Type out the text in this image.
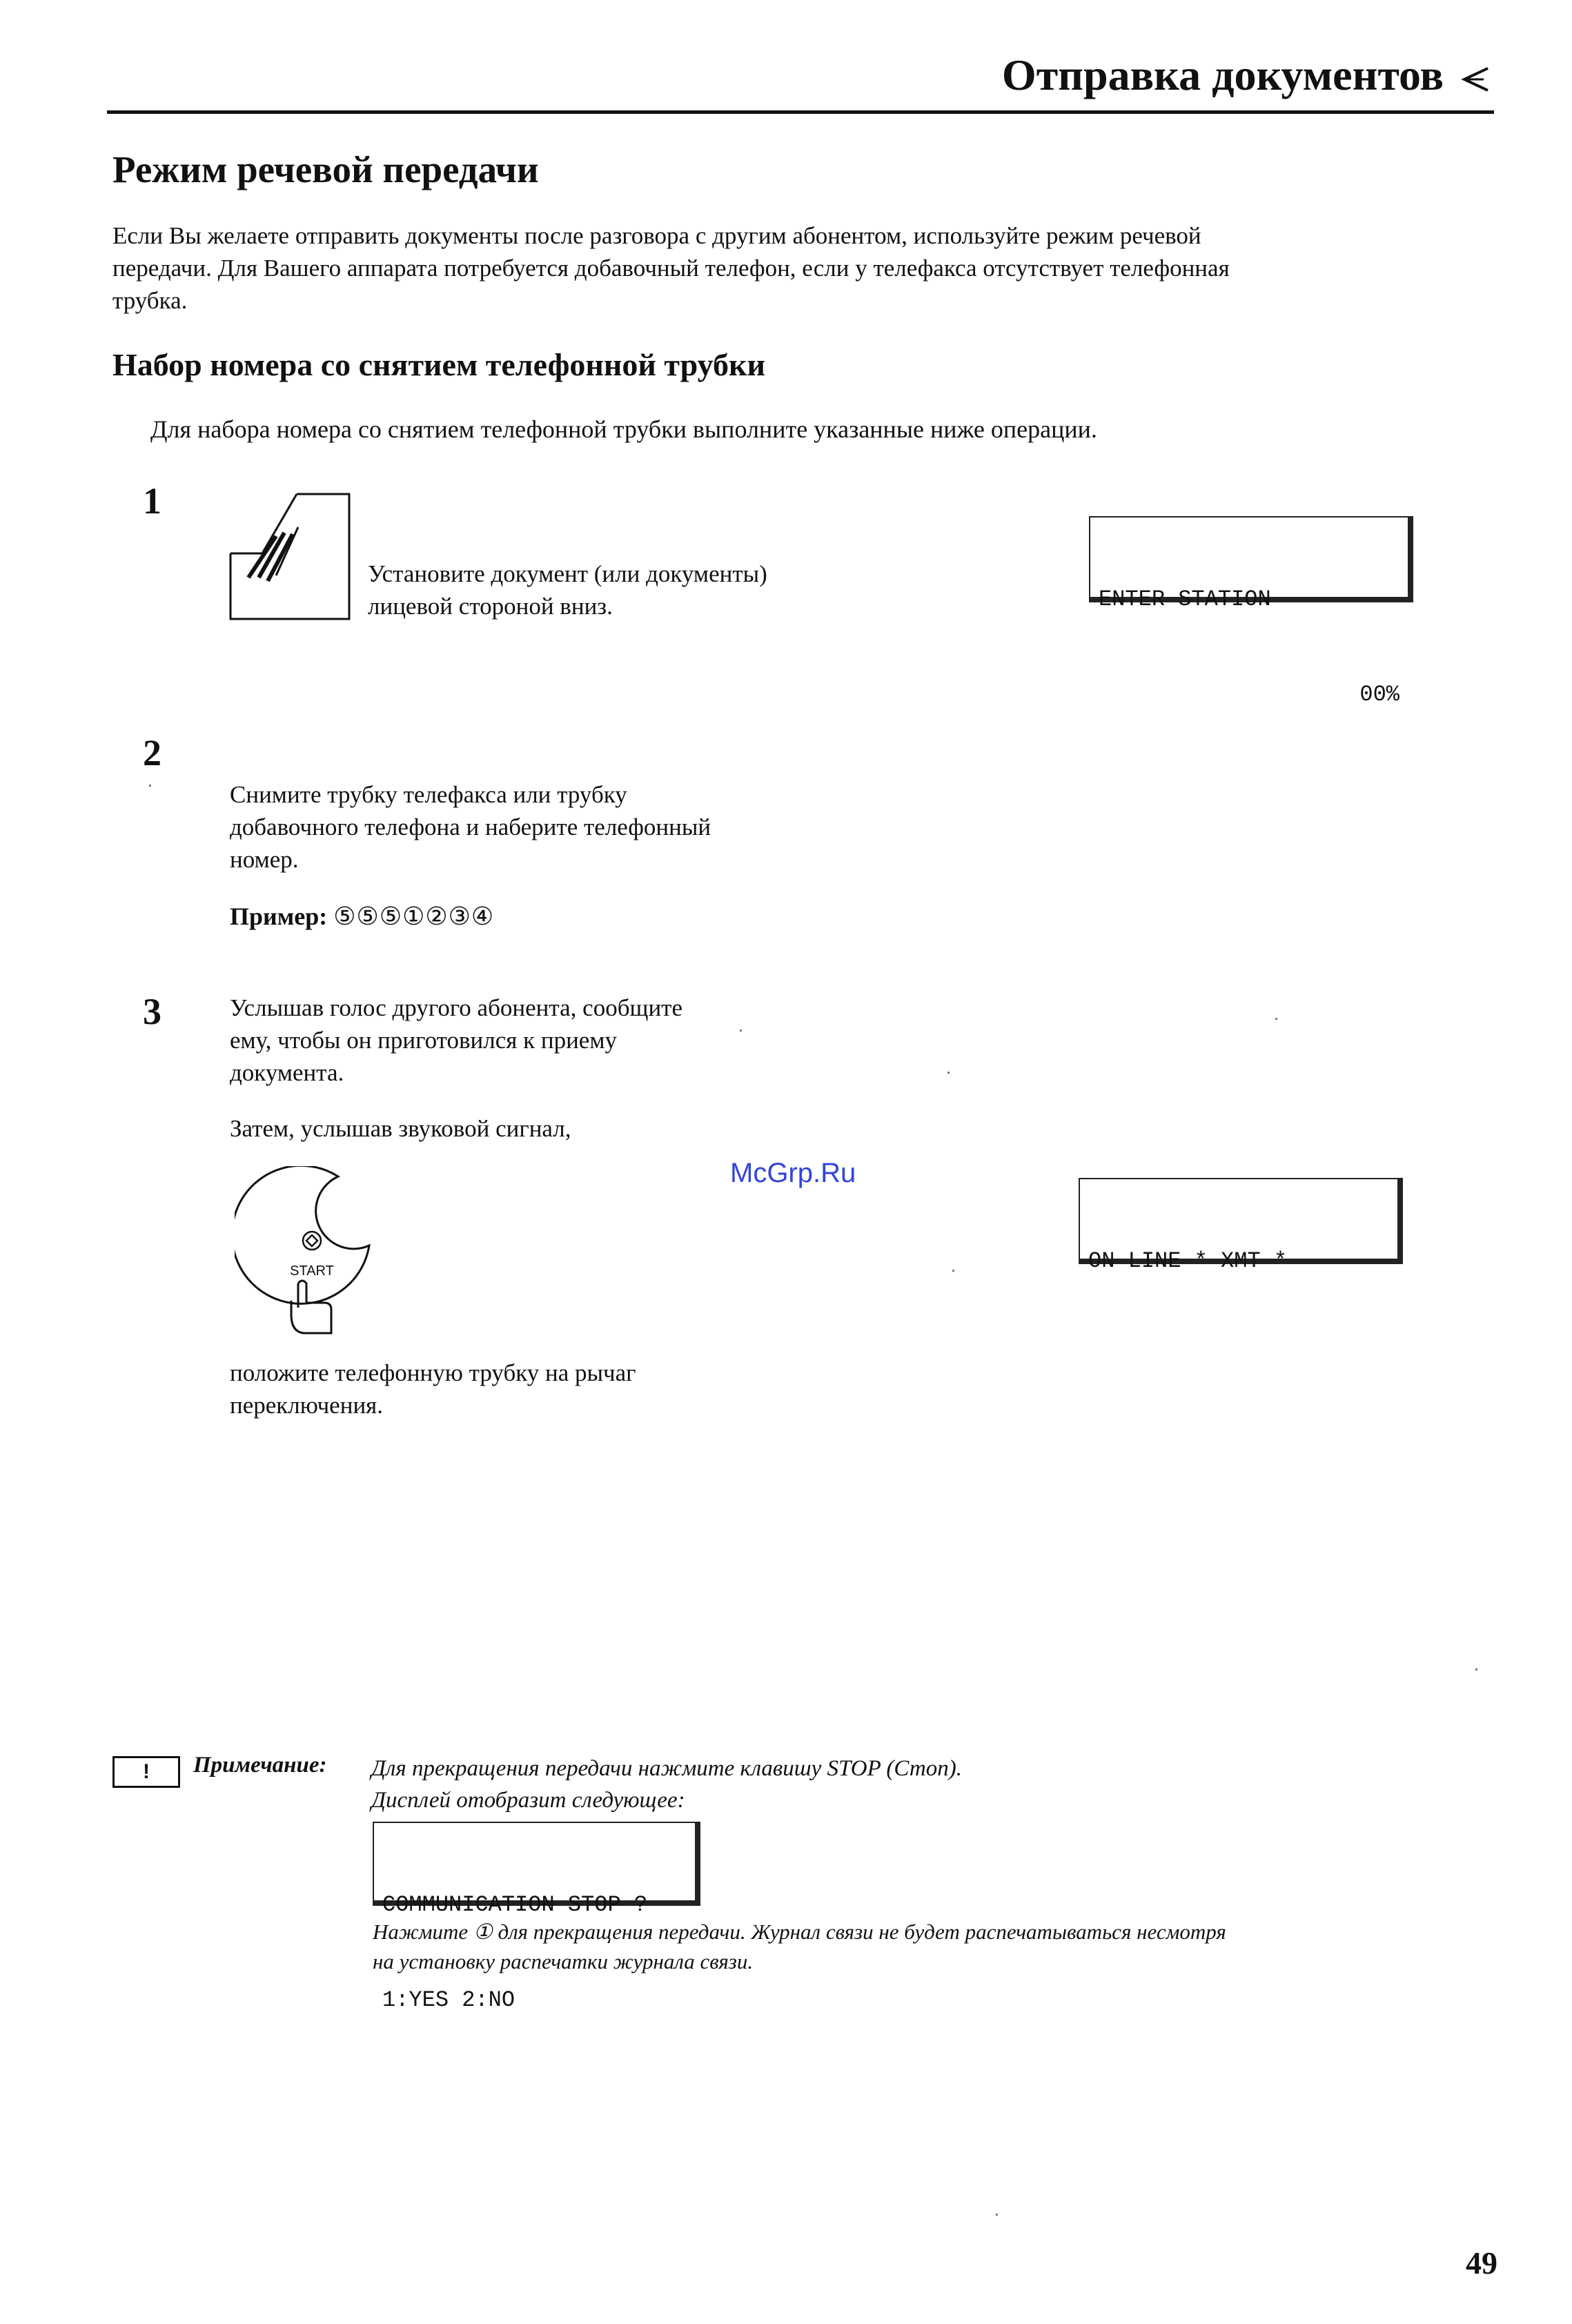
Отправка документов
Режим речевой передачи
Если Вы желаете отправить документы после разговора с другим абонентом, используйте режим речевой
передачи. Для Вашего аппарата потребуется добавочный телефон, если у телефакса отсутствует телефонная
трубка.
Набор номера со снятием телефонной трубки
Для набора номера со снятием телефонной трубки выполните указанные ниже операции.
1
Установите документ (или документы)
лицевой стороной вниз.

	ENTER STATION

00%

2
Снимите трубку телефакса или трубку
добавочного телефона и наберите телефонный
номер.
Пример: ⑤⑤⑤①②③④
3	Услышав голос другого абонента, сообщите
ему, чтобы он приготовился к приему
документа.
Затем, услышав звуковой сигнал,
START
положите телефонную трубку на рычаг
переключения.

ON LINE * XMT *

McGrp.Ru
!	Примечание: Для прекращения передачи нажмите клавишу STOP (Стоп).
Дисплей отобразит следующее:

COMMUNICATION STOP ?

1:YES 2:NO

Нажмите ① для прекращения передачи. Журнал связи не будет распечатываться несмотря
на установку распечатки журнала связи.
49
